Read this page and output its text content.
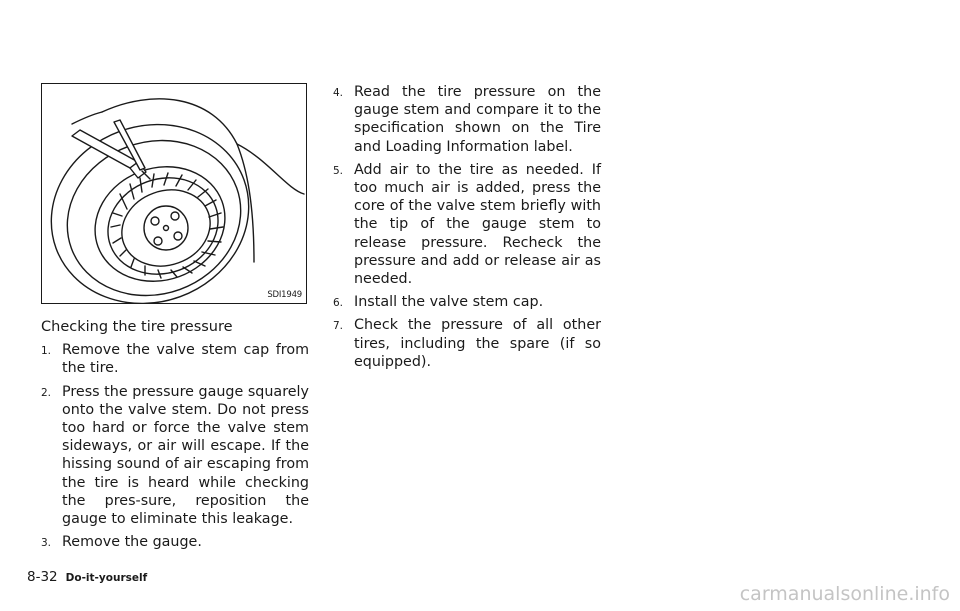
SDI1949
Checking the tire pressure
1. Remove the valve stem cap from the tire.
2. Press the pressure gauge squarely onto the valve stem. Do not press too hard or force the valve stem sideways, or air will escape. If the hissing sound of air escaping from the tire is heard while checking the pres-sure, reposition the gauge to eliminate this leakage.
3. Remove the gauge.
4. Read the tire pressure on the gauge stem and compare it to the specification shown on the Tire and Loading Information label.
5. Add air to the tire as needed. If too much air is added, press the core of the valve stem briefly with the tip of the gauge stem to release pressure. Recheck the pressure and add or release air as needed.
6. Install the valve stem cap.
7. Check the pressure of all other tires, including the spare (if so equipped).
8-32 Do-it-yourself
carmanualsonline.info
